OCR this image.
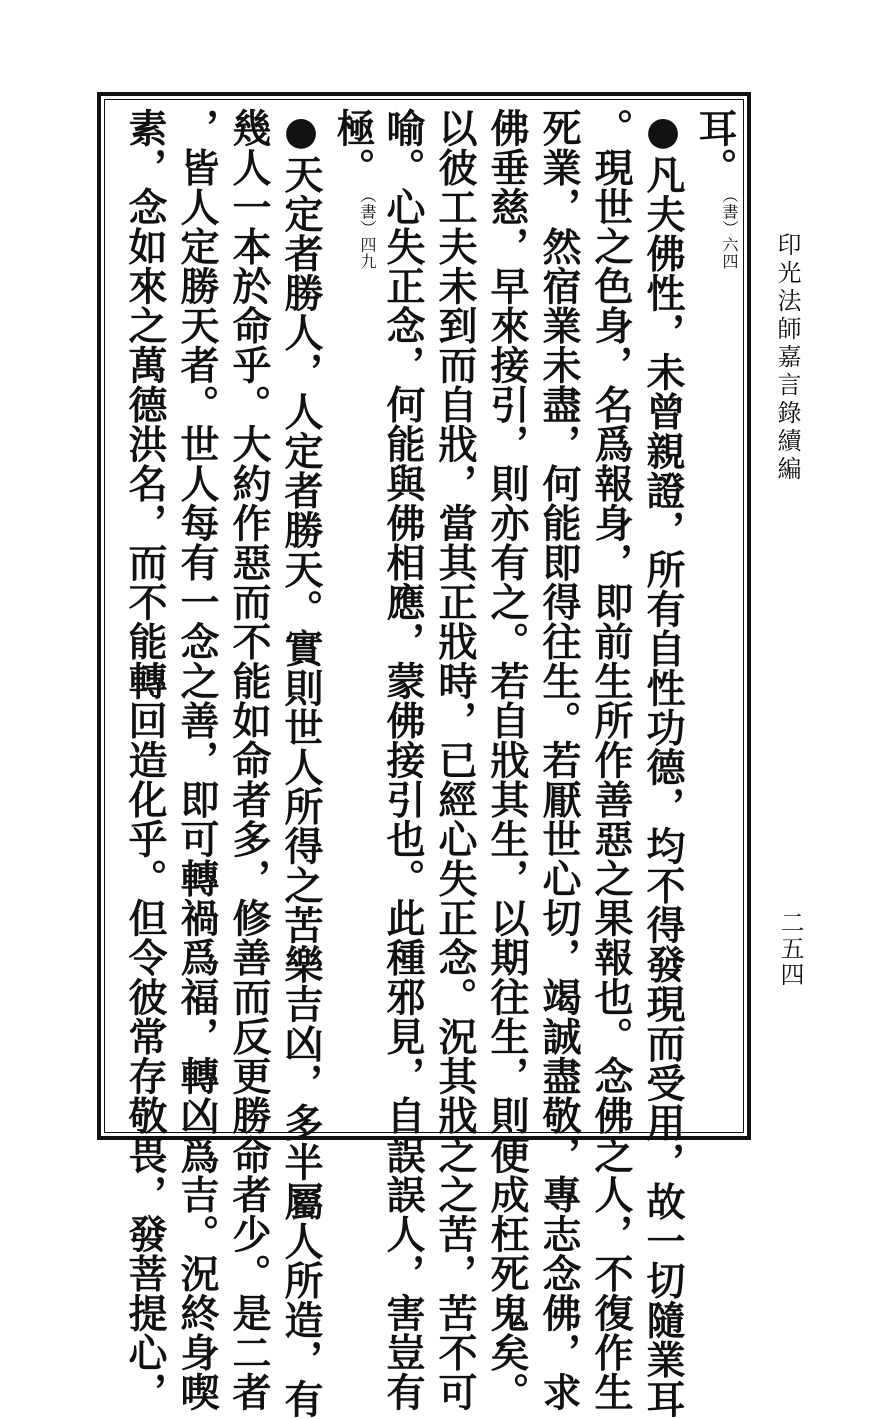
印光法師嘉言錄續編
二五四
耳。（書）六四
●凡夫佛性，未曾親證，所有自性功德，均不得發現而受用，故一切隨業耳
。現世之色身，名爲報身，即前生所作善惡之果報也。念佛之人，不復作生
死業，然宿業未盡，何能即得往生。若厭世心切，竭誠盡敬，專志念佛，求
佛垂慈，早來接引，則亦有之。若自戕其生，以期往生，則便成枉死鬼矣。
以彼工夫未到而自戕，當其正戕時，已經心失正念。況其戕之之苦，苦不可
喻。心失正念，何能與佛相應，蒙佛接引也。此種邪見，自誤誤人，害豈有
極。（書）四九
●天定者勝人，人定者勝天。實則世人所得之苦樂吉凶，多半屬人所造，有
幾人一本於命乎。大約作惡而不能如命者多，修善而反更勝命者少。是二者
，皆人定勝天者。世人每有一念之善，即可轉禍爲福，轉凶爲吉。況終身喫
素，念如來之萬德洪名，而不能轉回造化乎。但令彼常存敬畏，發菩提心，
